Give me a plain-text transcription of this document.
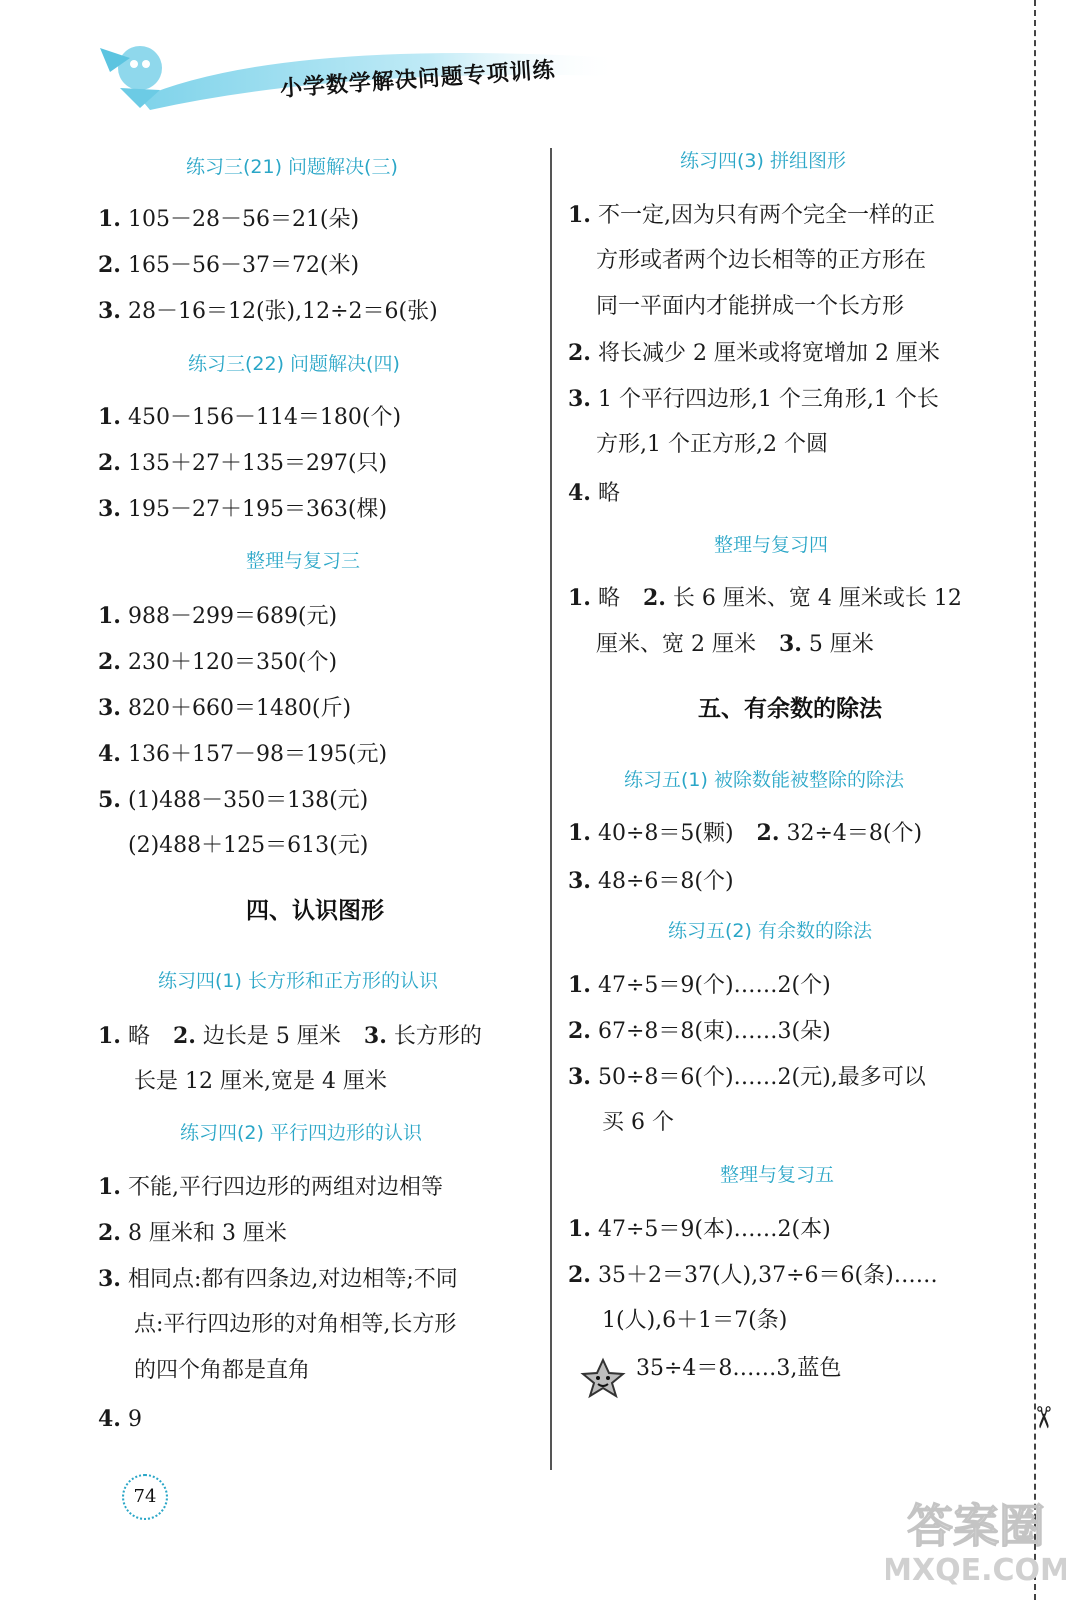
小学数学解决问题专项训练
✂
练习三(21) 问题解决(三)
1. 105－28－56＝21(朵)
2. 165－56－37＝72(米)
3. 28－16＝12(张),12÷2＝6(张)
练习三(22) 问题解决(四)
1. 450－156－114＝180(个)
2. 135＋27＋135＝297(只)
3. 195－27＋195＝363(棵)
整理与复习三
1. 988－299＝689(元)
2. 230＋120＝350(个)
3. 820＋660＝1480(斤)
4. 136＋157－98＝195(元)
5. (1)488－350＝138(元)
(2)488＋125＝613(元)
四、认识图形
练习四(1) 长方形和正方形的认识
1. 略   2. 边长是 5 厘米   3. 长方形的
长是 12 厘米,宽是 4 厘米
练习四(2) 平行四边形的认识
1. 不能,平行四边形的两组对边相等
2. 8 厘米和 3 厘米
3. 相同点:都有四条边,对边相等;不同
点:平行四边形的对角相等,长方形
的四个角都是直角
4. 9
练习四(3) 拼组图形
1. 不一定,因为只有两个完全一样的正
方形或者两个边长相等的正方形在
同一平面内才能拼成一个长方形
2. 将长减少 2 厘米或将宽增加 2 厘米
3. 1 个平行四边形,1 个三角形,1 个长
方形,1 个正方形,2 个圆
4. 略
整理与复习四
1. 略   2. 长 6 厘米、宽 4 厘米或长 12
厘米、宽 2 厘米   3. 5 厘米
五、有余数的除法
练习五(1) 被除数能被整除的除法
1. 40÷8＝5(颗)   2. 32÷4＝8(个)
3. 48÷6＝8(个)
练习五(2) 有余数的除法
1. 47÷5＝9(个)……2(个)
2. 67÷8＝8(束)……3(朵)
3. 50÷8＝6(个)……2(元),最多可以
买 6 个
整理与复习五
1. 47÷5＝9(本)……2(本)
2. 35＋2＝37(人),37÷6＝6(条)……
1(人),6＋1＝7(条)
35÷4＝8……3,蓝色
74
答案圈
MXQE.COM
